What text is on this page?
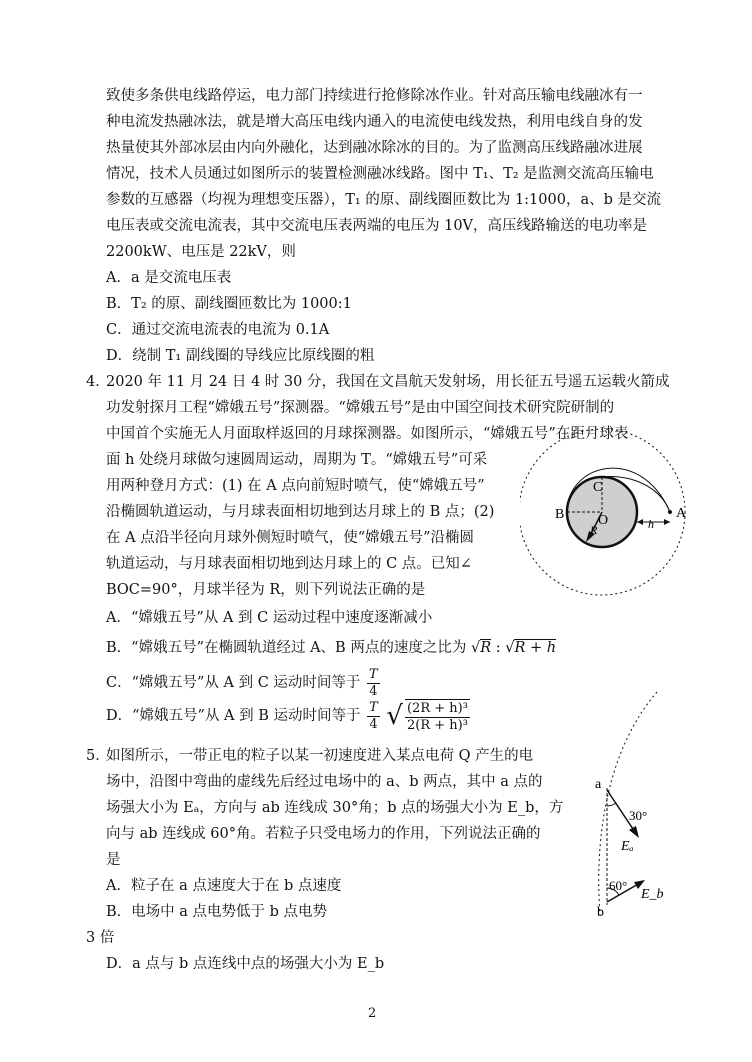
致使多条供电线路停运，电力部门持续进行抢修除冰作业。针对高压输电线融冰有一
种电流发热融冰法，就是增大高压电线内通入的电流使电线发热，利用电线自身的发
热量使其外部冰层由内向外融化，达到融冰除冰的目的。为了监测高压线路融冰进展
情况，技术人员通过如图所示的装置检测融冰线路。图中 T₁、T₂ 是监测交流高压输电
参数的互感器（均视为理想变压器），T₁ 的原、副线圈匝数比为 1:1000，a、b 是交流
电压表或交流电流表，其中交流电压表两端的电压为 10V，高压线路输送的电功率是
2200kW、电压是 22kV，则
A．a 是交流电压表
B．T₂ 的原、副线圈匝数比为 1000:1
C．通过交流电流表的电流为 0.1A
D．绕制 T₁ 副线圈的导线应比原线圈的粗
4．
2020 年 11 月 24 日 4 时 30 分，我国在文昌航天发射场，用长征五号遥五运载火箭成
功发射探月工程“嫦娥五号”探测器。“嫦娥五号”是由中国空间技术研究院研制的
中国首个实施无人月面取样返回的月球探测器。如图所示，“嫦娥五号”在距月球表
面 h 处绕月球做匀速圆周运动，周期为 T。“嫦娥五号”可采
用两种登月方式：(1) 在 A 点向前短时喷气，使“嫦娥五号”
沿椭圆轨道运动，与月球表面相切地到达月球上的 B 点；(2)
在 A 点沿半径向月球外侧短时喷气，使“嫦娥五号”沿椭圆
轨道运动，与月球表面相切地到达月球上的 C 点。已知∠
BOC=90°，月球半径为 R，则下列说法正确的是
A．“嫦娥五号”从 A 到 C 运动过程中速度逐渐减小
B．“嫦娥五号”在椭圆轨道经过 A、B 两点的速度之比为 √R : √R + h
C．“嫦娥五号”从 A 到 C 运动时间等于 $\frac{T}{4}$
D．“嫦娥五号”从 A 到 B 运动时间等于 $\frac{T}{4}$ √ $\frac{\text{(2R + h)³}}{\text{2(R + h)³}}$
A
B
C
O
R	h
5．
如图所示，一带正电的粒子以某一初速度进入某点电荷 Q 产生的电
场中，沿图中弯曲的虚线先后经过电场中的 a、b 两点，其中 a 点的
场强大小为 Eₐ，方向与 ab 连线成 30°角；b 点的场强大小为 E_b，方
向与 ab 连线成 60°角。若粒子只受电场力的作用，下列说法正确的
是
A．粒子在 a 点速度大于在 b 点速度
B．电场中 a 点电势低于 b 点电势
3 倍
D．a 点与 b 点连线中点的场强大小为 E_b
a
b
30°
60°
Eₐ
E_b
2
